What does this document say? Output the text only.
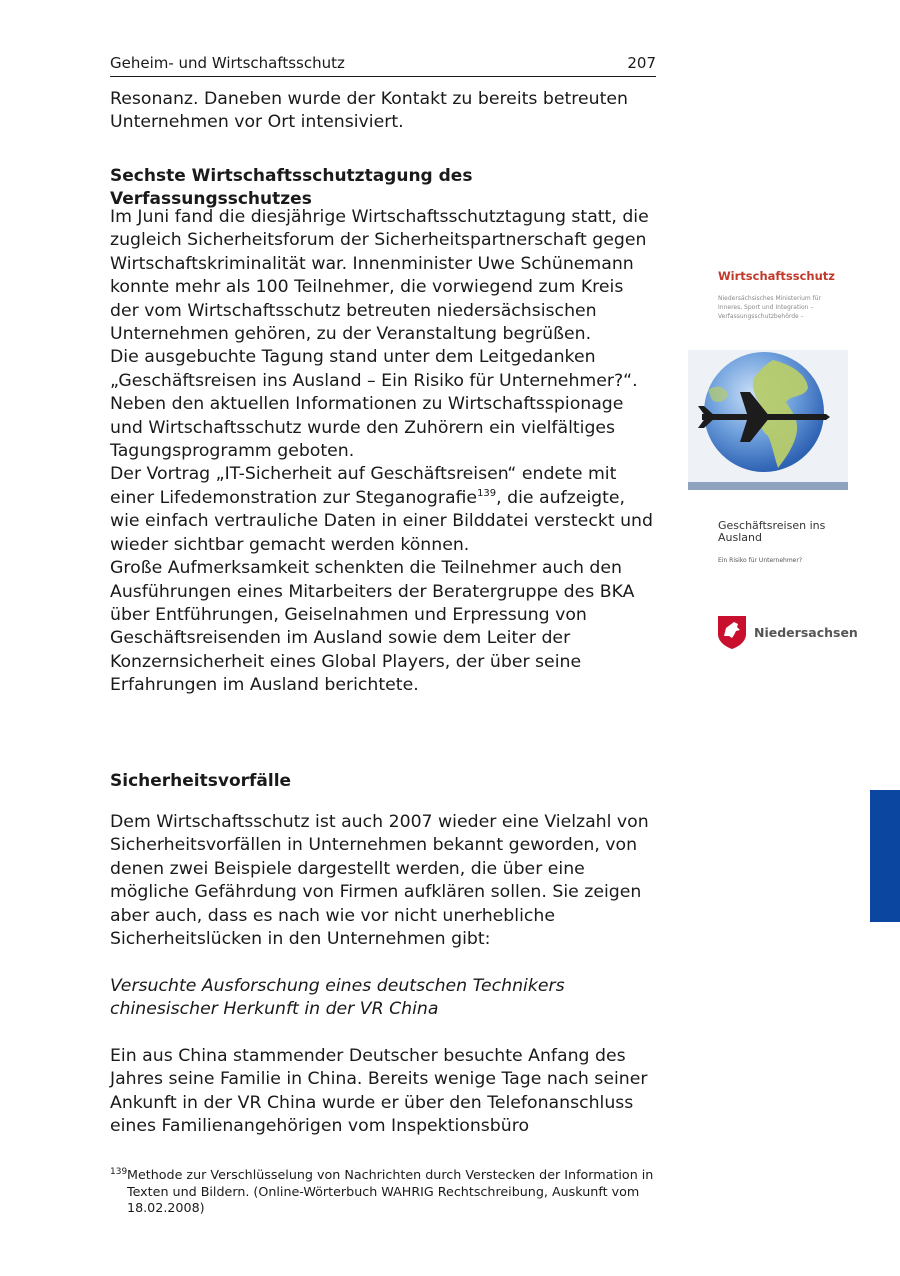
Geheim- und Wirtschaftsschutz	207

Resonanz. Daneben wurde der Kontakt zu bereits betreuten Unternehmen vor Ort intensiviert.

Sechste Wirtschaftsschutztagung des Verfassungsschutzes

Im Juni fand die diesjährige Wirtschaftsschutztagung statt, die zugleich Sicherheitsforum der Sicherheitspartnerschaft gegen Wirtschaftskriminalität war. Innenminister Uwe Schünemann konnte mehr als 100 Teilnehmer, die vorwiegend zum Kreis der vom Wirtschaftsschutz betreuten niedersächsischen Unternehmen gehören, zu der Veranstaltung begrüßen.

Die ausgebuchte Tagung stand unter dem Leitgedanken „Geschäftsreisen ins Ausland – Ein Risiko für Unternehmer?“. Neben den aktuellen Informationen zu Wirtschaftsspionage und Wirtschaftsschutz wurde den Zuhörern ein vielfältiges Tagungsprogramm geboten.

Der Vortrag „IT-Sicherheit auf Geschäftsreisen“ endete mit einer Lifedemonstration zur Steganografie$^{139}$, die aufzeigte, wie einfach vertrauliche Daten in einer Bilddatei versteckt und wieder sichtbar gemacht werden können.

Große Aufmerksamkeit schenkten die Teilnehmer auch den Ausführungen eines Mitarbeiters der Beratergruppe des BKA über Entführungen, Geiselnahmen und Erpressung von Geschäftsreisenden im Ausland sowie dem Leiter der Konzernsicherheit eines Global Players, der über seine Erfahrungen im Ausland berichtete.

Sicherheitsvorfälle

Dem Wirtschaftsschutz ist auch 2007 wieder eine Vielzahl von Sicherheitsvorfällen in Unternehmen bekannt geworden, von denen zwei Beispiele dargestellt werden, die über eine mögliche Gefährdung von Firmen aufklären sollen. Sie zeigen aber auch, dass es nach wie vor nicht unerhebliche Sicherheitslücken in den Unternehmen gibt:

Versuchte Ausforschung eines deutschen Technikers chinesischer Herkunft in der VR China

Ein aus China stammender Deutscher besuchte Anfang des Jahres seine Familie in China. Bereits wenige Tage nach seiner Ankunft in der VR China wurde er über den Telefonanschluss eines Familienangehörigen vom Inspektionsbüro

139 Methode zur Verschlüsselung von Nachrichten durch Verstecken der Information in Texten und Bildern. (Online-Wörterbuch WAHRIG Rechtschreibung, Auskunft vom 18.02.2008)
Wirtschaftsschutz
Niedersächsisches Ministerium für Inneres, Sport und Integration – Verfassungsschutzbehörde –
Geschäftsreisen ins Ausland
Ein Risiko für Unternehmer?
Niedersachsen
